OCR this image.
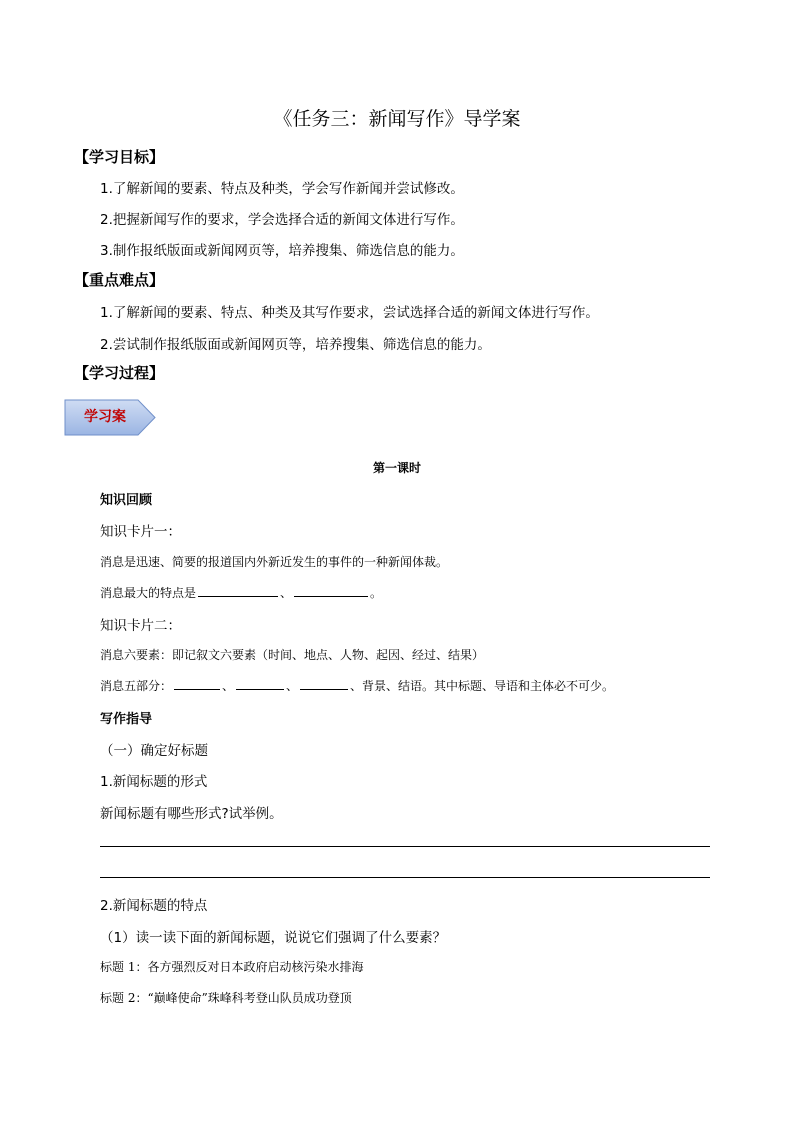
《任务三：新闻写作》导学案
【学习目标】
1.了解新闻的要素、特点及种类，学会写作新闻并尝试修改。
2.把握新闻写作的要求，学会选择合适的新闻文体进行写作。
3.制作报纸版面或新闻网页等，培养搜集、筛选信息的能力。
【重点难点】
1.了解新闻的要素、特点、种类及其写作要求，尝试选择合适的新闻文体进行写作。
2.尝试制作报纸版面或新闻网页等，培养搜集、筛选信息的能力。
【学习过程】
学习案
第一课时
知识回顾
知识卡片一：
消息是迅速、简要的报道国内外新近发生的事件的一种新闻体裁。
消息最大的特点是	、	。
知识卡片二：
消息六要素：即记叙文六要素（时间、地点、人物、起因、经过、结果）
消息五部分：	、	、	、背景、结语。其中标题、导语和主体必不可少。
写作指导
（一）确定好标题
1.新闻标题的形式
新闻标题有哪些形式?试举例。
2.新闻标题的特点
（1）读一读下面的新闻标题，说说它们强调了什么要素？
标题 1：各方强烈反对日本政府启动核污染水排海
标题 2：“巅峰使命”珠峰科考登山队员成功登顶
